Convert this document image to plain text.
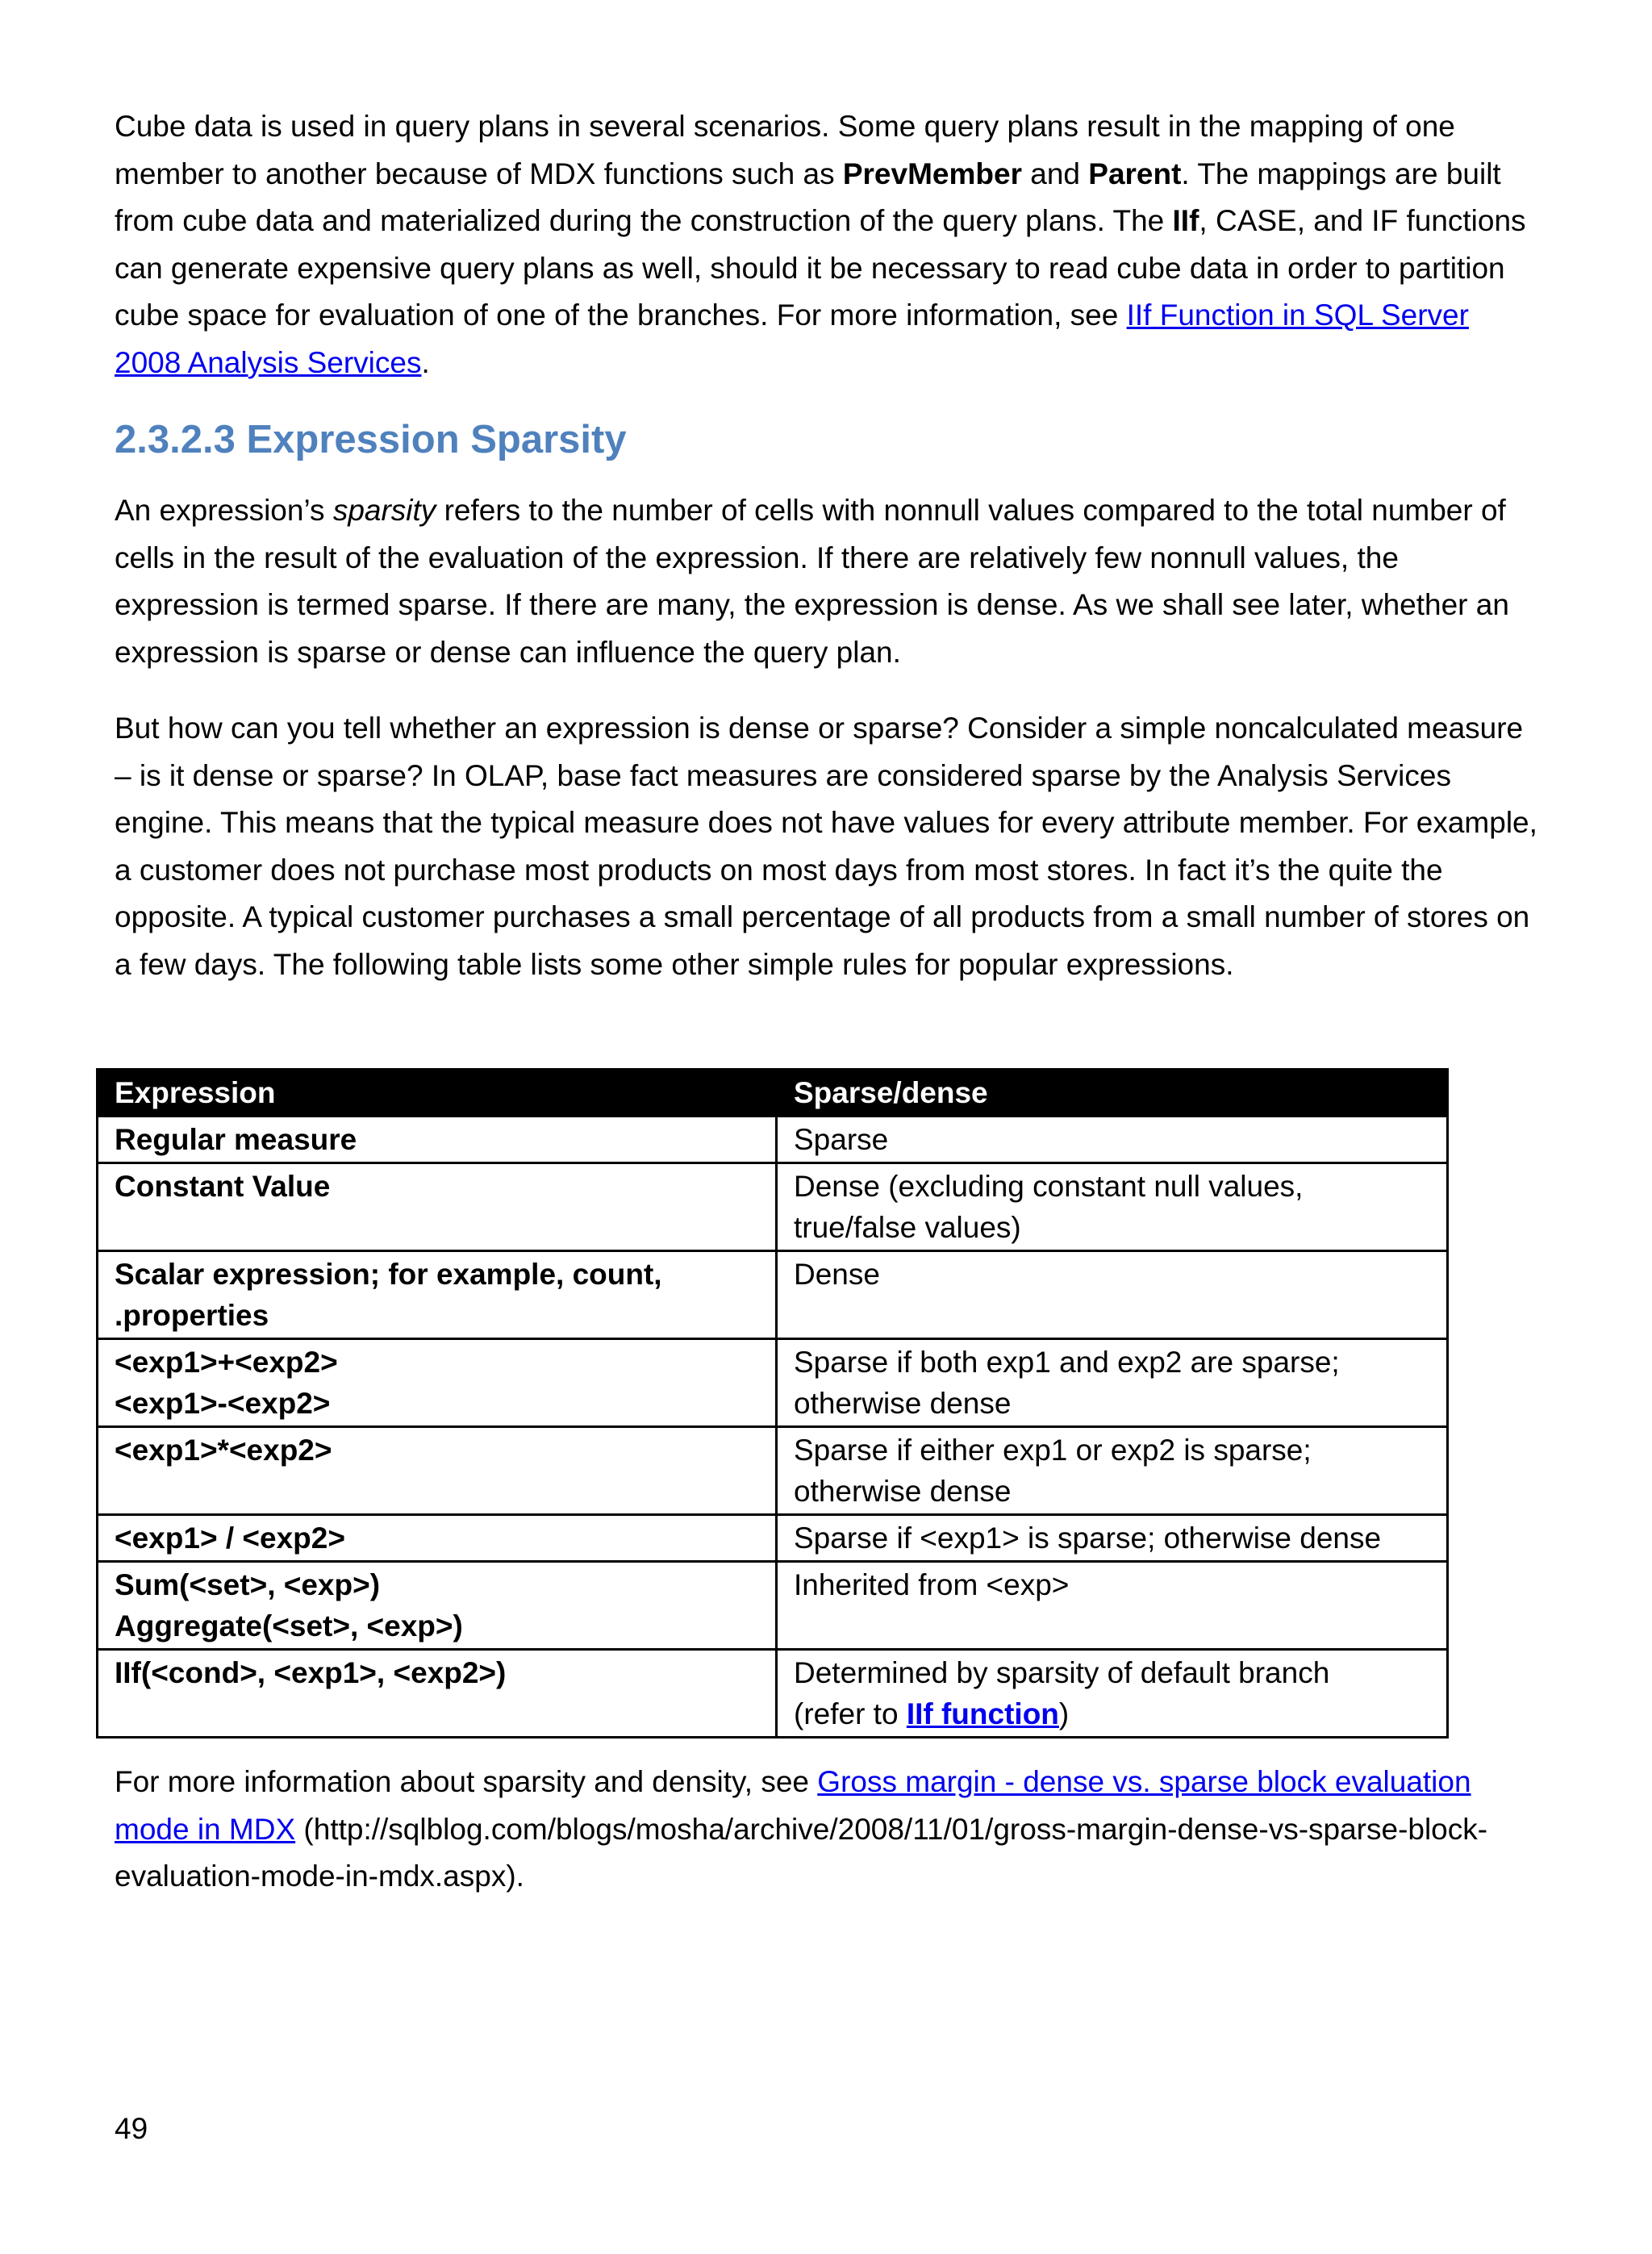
Cube data is used in query plans in several scenarios. Some query plans result in the mapping of one member to another because of MDX functions such as PrevMember and Parent. The mappings are built from cube data and materialized during the construction of the query plans. The IIf, CASE, and IF functions can generate expensive query plans as well, should it be necessary to read cube data in order to partition cube space for evaluation of one of the branches. For more information, see IIf Function in SQL Server 2008 Analysis Services.

2.3.2.3 Expression Sparsity

An expression’s sparsity refers to the number of cells with nonnull values compared to the total number of cells in the result of the evaluation of the expression. If there are relatively few nonnull values, the expression is termed sparse. If there are many, the expression is dense. As we shall see later, whether an expression is sparse or dense can influence the query plan.

But how can you tell whether an expression is dense or sparse? Consider a simple noncalculated measure – is it dense or sparse? In OLAP, base fact measures are considered sparse by the Analysis Services engine. This means that the typical measure does not have values for every attribute member. For example, a customer does not purchase most products on most days from most stores. In fact it’s the quite the opposite. A typical customer purchases a small percentage of all products from a small number of stores on a few days. The following table lists some other simple rules for popular expressions.

Expression	Sparse/dense
Regular measure	Sparse
Constant Value	Dense (excluding constant null values,
true/false values)
Scalar expression; for example, count,
.properties	Dense
<exp1>+<exp2>
<exp1>-<exp2>	Sparse if both exp1 and exp2 are sparse;
otherwise dense
<exp1>*<exp2>	Sparse if either exp1 or exp2 is sparse;
otherwise dense
<exp1> / <exp2>	Sparse if <exp1> is sparse; otherwise dense
Sum(<set>, <exp>)
Aggregate(<set>, <exp>)	Inherited from <exp>
IIf(<cond>, <exp1>, <exp2>)	Determined by sparsity of default branch
(refer to IIf function)

For more information about sparsity and density, see Gross margin - dense vs. sparse block evaluation mode in MDX (http://sqlblog.com/blogs/mosha/archive/2008/11/01/gross-margin-dense-vs-sparse-block-evaluation-mode-in-mdx.aspx).

49
